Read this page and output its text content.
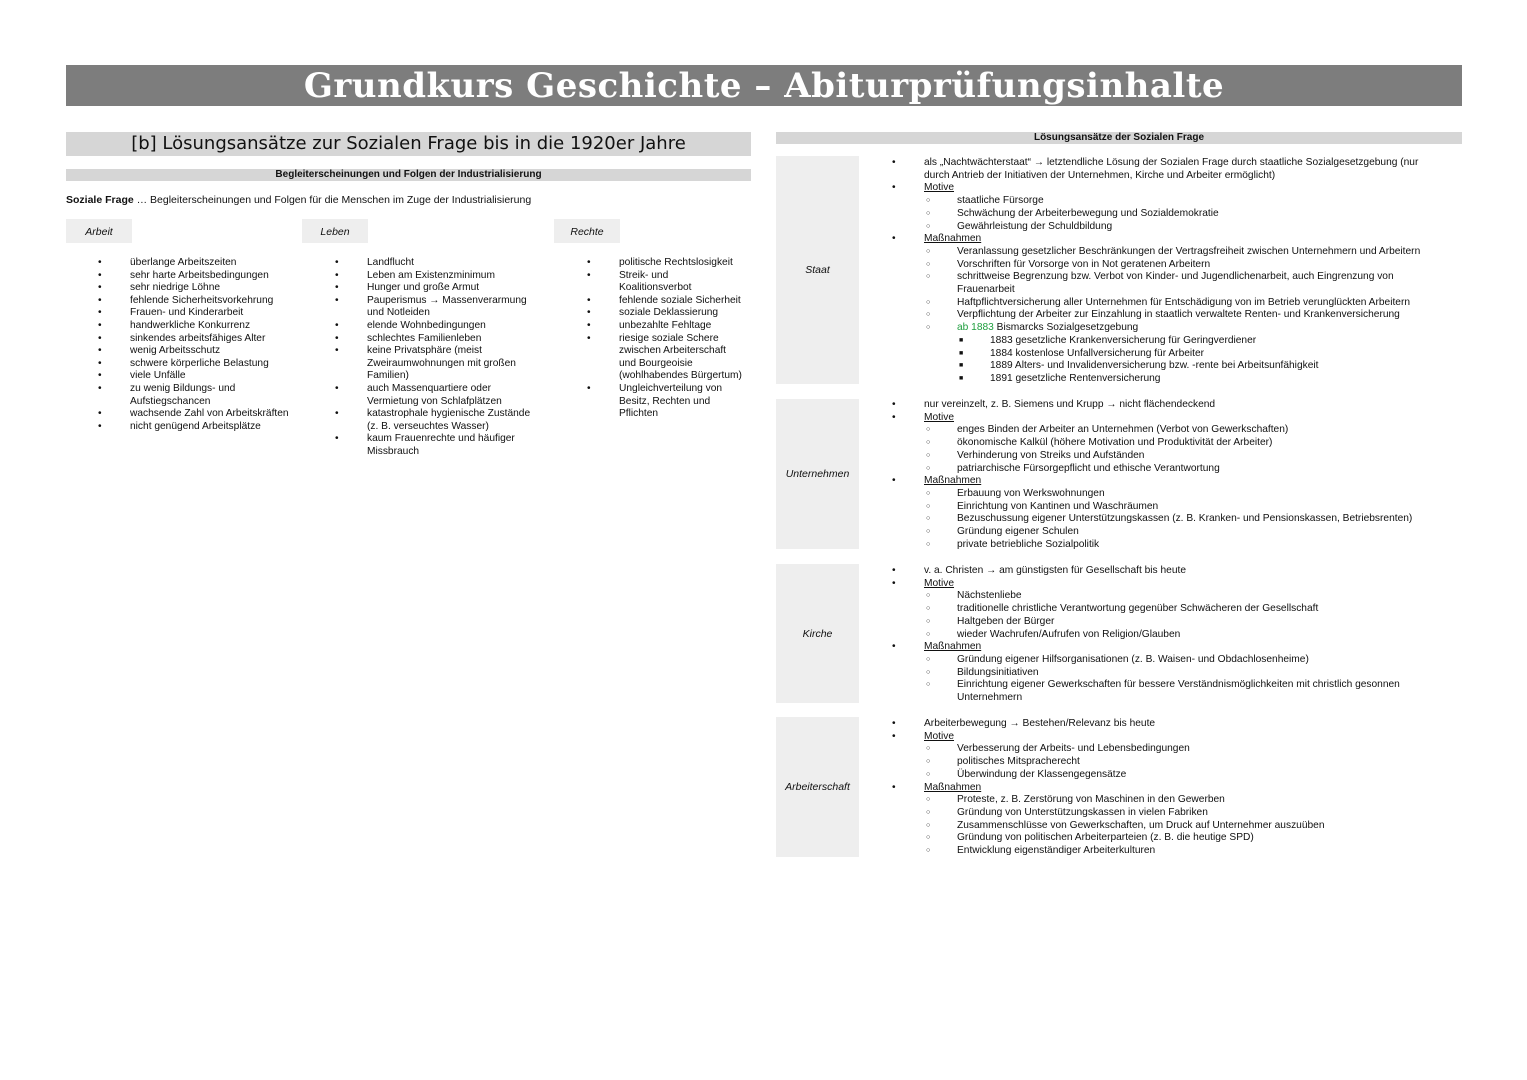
Grundkurs Geschichte – Abiturprüfungsinhalte
[b] Lösungsansätze zur Sozialen Frage bis in die 1920er Jahre
Begleiterscheinungen und Folgen der Industrialisierung
Soziale Frage … Begleiterscheinungen und Folgen für die Menschen im Zuge der Industrialisierung
Arbeit	Leben	Rechte
• überlange Arbeitszeiten
• sehr harte Arbeitsbedingungen
• sehr niedrige Löhne
• fehlende Sicherheitsvorkehrung
• Frauen- und Kinderarbeit
• handwerkliche Konkurrenz
• sinkendes arbeitsfähiges Alter
• wenig Arbeitsschutz
• schwere körperliche Belastung
• viele Unfälle
• zu wenig Bildungs- und
Aufstiegschancen
• wachsende Zahl von Arbeitskräften
• nicht genügend Arbeitsplätze
• Landflucht
• Leben am Existenzminimum
• Hunger und große Armut
• Pauperismus → Massenverarmung
und Notleiden
• elende Wohnbedingungen
• schlechtes Familienleben
• keine Privatsphäre (meist
Zweiraumwohnungen mit großen
Familien)
• auch Massenquartiere oder
Vermietung von Schlafplätzen
• katastrophale hygienische Zustände
(z. B. verseuchtes Wasser)
• kaum Frauenrechte und häufiger
Missbrauch
• politische Rechtslosigkeit
• Streik- und
Koalitionsverbot
• fehlende soziale Sicherheit
• soziale Deklassierung
• unbezahlte Fehltage
• riesige soziale Schere
zwischen Arbeiterschaft
und Bourgeoisie
(wohlhabendes Bürgertum)
• Ungleichverteilung von
Besitz, Rechten und
Pflichten
Lösungsansätze der Sozialen Frage
Staat
• als „Nachtwächterstaat“ → letztendliche Lösung der Sozialen Frage durch staatliche Sozialgesetzgebung (nur
durch Antrieb der Initiativen der Unternehmen, Kirche und Arbeiter ermöglicht)
• Motive
○ staatliche Fürsorge
○ Schwächung der Arbeiterbewegung und Sozialdemokratie
○ Gewährleistung der Schuldbildung
• Maßnahmen
○ Veranlassung gesetzlicher Beschränkungen der Vertragsfreiheit zwischen Unternehmern und Arbeitern
○ Vorschriften für Vorsorge von in Not geratenen Arbeitern
○ schrittweise Begrenzung bzw. Verbot von Kinder- und Jugendlichenarbeit, auch Eingrenzung von
Frauenarbeit
○ Haftpflichtversicherung aller Unternehmen für Entschädigung von im Betrieb verunglückten Arbeitern
○ Verpflichtung der Arbeiter zur Einzahlung in staatlich verwaltete Renten- und Krankenversicherung
○ ab 1883 Bismarcks Sozialgesetzgebung
■ 1883 gesetzliche Krankenversicherung für Geringverdiener
■ 1884 kostenlose Unfallversicherung für Arbeiter
■ 1889 Alters- und Invalidenversicherung bzw. -rente bei Arbeitsunfähigkeit
■ 1891 gesetzliche Rentenversicherung
Unternehmen
• nur vereinzelt, z. B. Siemens und Krupp → nicht flächendeckend
• Motive
○ enges Binden der Arbeiter an Unternehmen (Verbot von Gewerkschaften)
○ ökonomische Kalkül (höhere Motivation und Produktivität der Arbeiter)
○ Verhinderung von Streiks und Aufständen
○ patriarchische Fürsorgepflicht und ethische Verantwortung
• Maßnahmen
○ Erbauung von Werkswohnungen
○ Einrichtung von Kantinen und Waschräumen
○ Bezuschussung eigener Unterstützungskassen (z. B. Kranken- und Pensionskassen, Betriebsrenten)
○ Gründung eigener Schulen
○ private betriebliche Sozialpolitik
Kirche
• v. a. Christen → am günstigsten für Gesellschaft bis heute
• Motive
○ Nächstenliebe
○ traditionelle christliche Verantwortung gegenüber Schwächeren der Gesellschaft
○ Haltgeben der Bürger
○ wieder Wachrufen/Aufrufen von Religion/Glauben
• Maßnahmen
○ Gründung eigener Hilfsorganisationen (z. B. Waisen- und Obdachlosenheime)
○ Bildungsinitiativen
○ Einrichtung eigener Gewerkschaften für bessere Verständnismöglichkeiten mit christlich gesonnen
Unternehmern
Arbeiterschaft
• Arbeiterbewegung → Bestehen/Relevanz bis heute
• Motive
○ Verbesserung der Arbeits- und Lebensbedingungen
○ politisches Mitspracherecht
○ Überwindung der Klassengegensätze
• Maßnahmen
○ Proteste, z. B. Zerstörung von Maschinen in den Gewerben
○ Gründung von Unterstützungskassen in vielen Fabriken
○ Zusammenschlüsse von Gewerkschaften, um Druck auf Unternehmer auszuüben
○ Gründung von politischen Arbeiterparteien (z. B. die heutige SPD)
○ Entwicklung eigenständiger Arbeiterkulturen
